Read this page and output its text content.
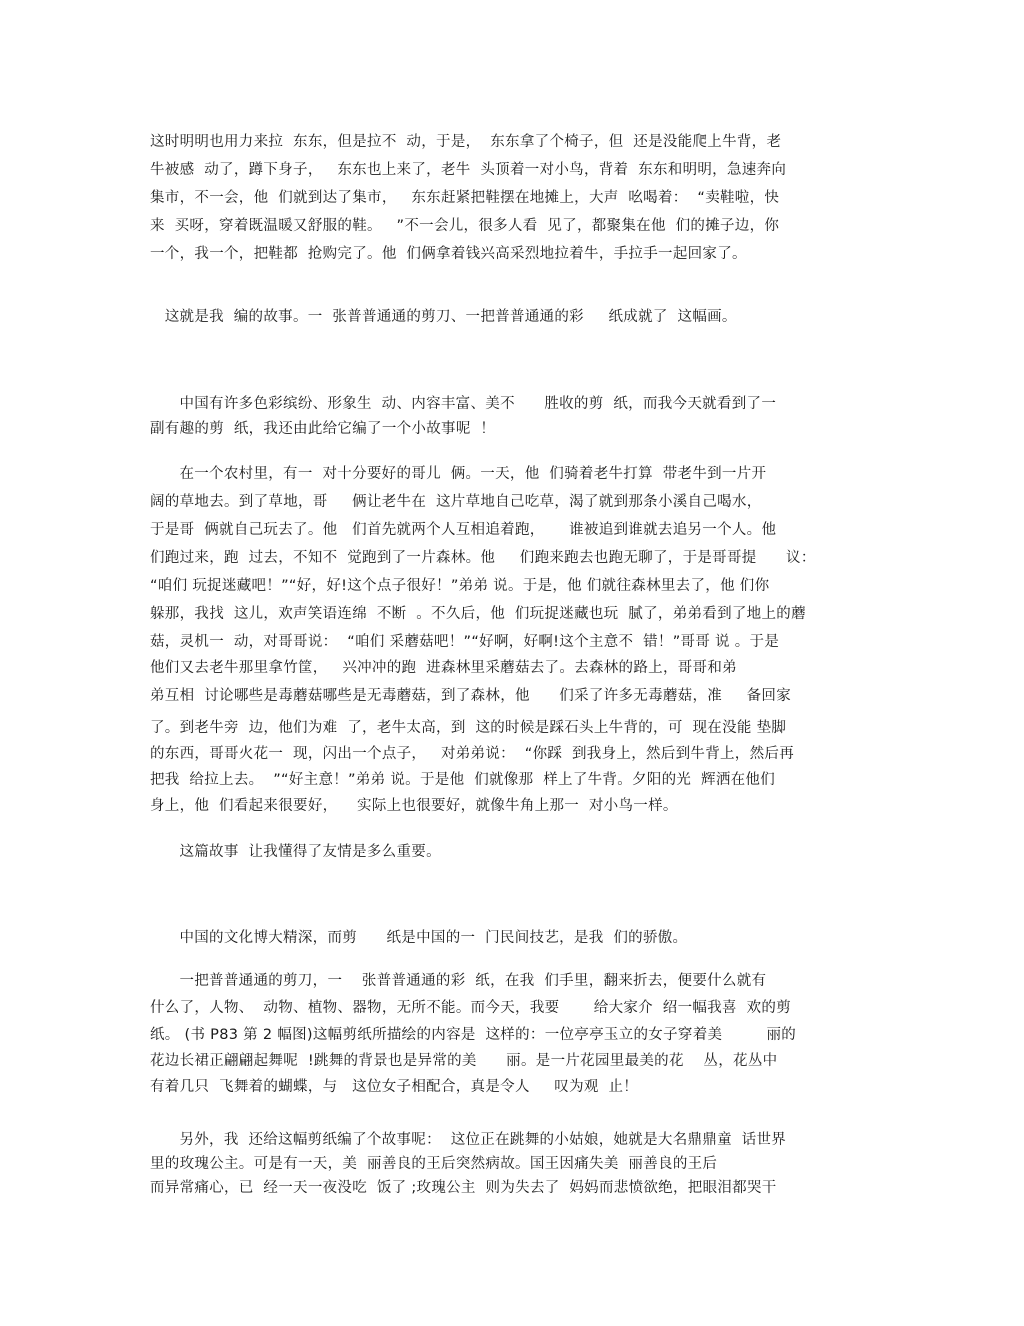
这时明明也用力来拉  东东，但是拉不  动，于是，  东东拿了个椅子，但  还是没能爬上牛背，老
牛被感  动了，蹲下身子，   东东也上来了，老牛  头顶着一对小鸟，背着  东东和明明，急速奔向
集市，不一会，他  们就到达了集市，   东东赶紧把鞋摆在地摊上，大声  吆喝着：  “卖鞋啦，快
来  买呀，穿着既温暖又舒服的鞋。   ”不一会儿，很多人看  见了，都聚集在他  们的摊子边，你
一个，我一个，把鞋都  抢购完了。他  们俩拿着钱兴高采烈地拉着牛，手拉手一起回家了。
这就是我  编的故事。一  张普普通通的剪刀、一把普普通通的彩     纸成就了  这幅画。
中国有许多色彩缤纷、形象生  动、内容丰富、美不      胜收的剪  纸，而我今天就看到了一
副有趣的剪  纸，我还由此给它编了一个小故事呢  ！
在一个农村里，有一  对十分要好的哥儿  俩。一天，他  们骑着老牛打算  带老牛到一片开
阔的草地去。到了草地，哥     俩让老牛在  这片草地自己吃草，渴了就到那条小溪自己喝水，
于是哥  俩就自己玩去了。他   们首先就两个人互相追着跑，     谁被追到谁就去追另一个人。他
们跑过来，跑  过去，不知不  觉跑到了一片森林。他     们跑来跑去也跑无聊了，于是哥哥提      议：
“咱们 玩捉迷藏吧！”“好，好!这个点子很好！”弟弟 说。于是，他 们就往森林里去了，他 们你
躲那，我找  这儿，欢声笑语连绵  不断  。不久后，他  们玩捉迷藏也玩  腻了，弟弟看到了地上的蘑
菇，灵机一  动，对哥哥说：  “咱们 采蘑菇吧！”“好啊，好啊!这个主意不  错！”哥哥 说 。于是
他们又去老牛那里拿竹筐，   兴冲冲的跑  进森林里采蘑菇去了。去森林的路上，哥哥和弟
弟互相  讨论哪些是毒蘑菇哪些是无毒蘑菇，到了森林，他      们采了许多无毒蘑菇，准     备回家
了。到老牛旁  边，他们为难  了，老牛太高，到  这的时候是踩石头上牛背的，可  现在没能 垫脚
的东西，哥哥火花一  现，闪出一个点子，   对弟弟说：  “你踩  到我身上，然后到牛背上，然后再
把我  给拉上去。  ”“好主意！”弟弟 说。于是他  们就像那  样上了牛背。夕阳的光  辉洒在他们
身上，他  们看起来很要好，    实际上也很要好，就像牛角上那一  对小鸟一样。
这篇故事  让我懂得了友情是多么重要。
中国的文化博大精深，而剪      纸是中国的一  门民间技艺，是我  们的骄傲。
一把普普通通的剪刀，一    张普普通通的彩  纸，在我  们手里，翻来折去，便要什么就有
什么了，人物、  动物、植物、器物，无所不能。而今天，我要       给大家介  绍一幅我喜  欢的剪
纸。 (书 P83 第 2 幅图)这幅剪纸所描绘的内容是  这样的：一位亭亭玉立的女子穿着美         丽的
花边长裙正翩翩起舞呢  !跳舞的背景也是异常的美      丽。是一片花园里最美的花    丛，花丛中
有着几只  飞舞着的蝴蝶，与   这位女子相配合，真是令人     叹为观  止！
另外，我  还给这幅剪纸编了个故事呢：  这位正在跳舞的小姑娘，她就是大名鼎鼎童  话世界
里的玫瑰公主。可是有一天，美  丽善良的王后突然病故。国王因痛失美  丽善良的王后
而异常痛心，已  经一天一夜没吃  饭了 ;玫瑰公主  则为失去了  妈妈而悲愤欲绝，把眼泪都哭干
